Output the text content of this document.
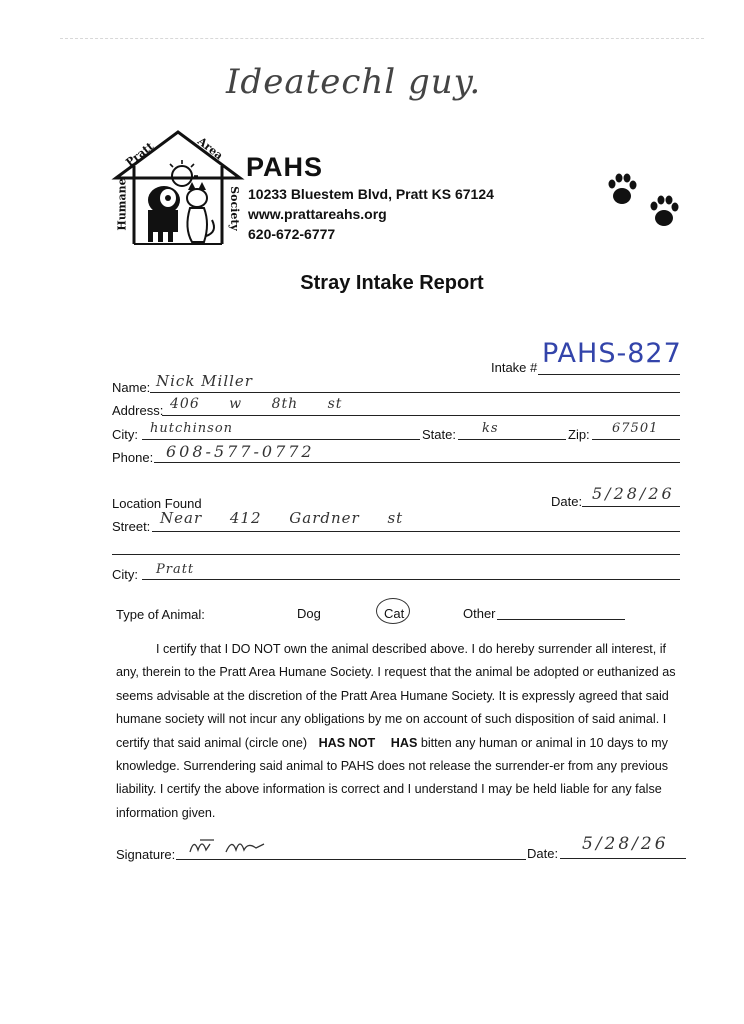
Ideatechl guy.
Pratt	Area
Humane	Society
PAHS
10233 Bluestem Blvd, Pratt KS 67124
www.prattareahs.org
620-672-6777
Stray Intake Report
Intake # PAHS-827
Name: Nick Miller
Address: 406 w 8th st
City: hutchinson	State: ks	Zip: 67501
Phone: 608-577-0772
Location Found	Date: 5/28/26
Street: Near 412 Gardner st
City: Pratt
Type of Animal:	Dog	Cat	Other
I certify that I DO NOT own the animal described above. I do hereby surrender all interest, if any, therein to the Pratt Area Humane Society. I request that the animal be adopted or euthanized as seems advisable at the discretion of the Pratt Area Humane Society. It is expressly agreed that said humane society will not incur any obligations by me on account of such disposition of said animal. I certify that said animal (circle one) HAS NOT HAS bitten any human or animal in 10 days to my knowledge. Surrendering said animal to PAHS does not release the surrender-er from any previous liability. I certify the above information is correct and I understand I may be held liable for any false information given.
Signature:	Date: 5/28/26
